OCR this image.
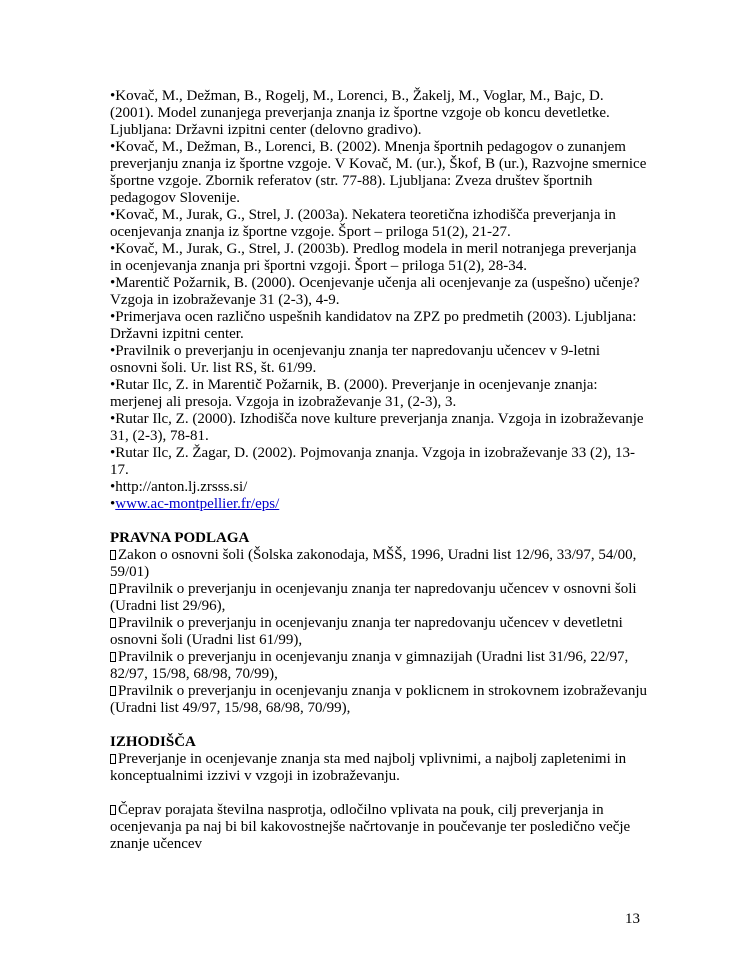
•Kovač, M., Dežman, B., Rogelj, M., Lorenci, B., Žakelj, M., Voglar, M., Bajc, D.
(2001). Model zunanjega preverjanja znanja iz športne vzgoje ob koncu devetletke.
Ljubljana: Državni izpitni center (delovno gradivo).
•Kovač, M., Dežman, B., Lorenci, B. (2002). Mnenja športnih pedagogov o zunanjem
preverjanju znanja iz športne vzgoje. V Kovač, M. (ur.), Škof, B (ur.), Razvojne smernice
športne vzgoje. Zbornik referatov (str. 77-88). Ljubljana: Zveza društev športnih
pedagogov Slovenije.
•Kovač, M., Jurak, G., Strel, J. (2003a). Nekatera teoretična izhodišča preverjanja in
ocenjevanja znanja iz športne vzgoje. Šport – priloga 51(2), 21-27.
•Kovač, M., Jurak, G., Strel, J. (2003b). Predlog modela in meril notranjega preverjanja
in ocenjevanja znanja pri športni vzgoji. Šport – priloga 51(2), 28-34.
•Marentič Požarnik, B. (2000). Ocenjevanje učenja ali ocenjevanje za (uspešno) učenje?
Vzgoja in izobraževanje 31 (2-3), 4-9.
•Primerjava ocen različno uspešnih kandidatov na ZPZ po predmetih (2003). Ljubljana:
Državni izpitni center.
•Pravilnik o preverjanju in ocenjevanju znanja ter napredovanju učencev v 9-letni
osnovni šoli. Ur. list RS, št. 61/99.
•Rutar Ilc, Z. in Marentič Požarnik, B. (2000). Preverjanje in ocenjevanje znanja:
merjenej ali presoja. Vzgoja in izobraževanje 31, (2-3), 3.
•Rutar Ilc, Z. (2000). Izhodišča nove kulture preverjanja znanja. Vzgoja in izobraževanje
31, (2-3), 78-81.
•Rutar Ilc, Z. Žagar, D. (2002). Pojmovanja znanja. Vzgoja in izobraževanje 33 (2), 13-
17.
•http://anton.lj.zrsss.si/
•www.ac-montpellier.fr/eps/
PRAVNA PODLAGA
Zakon o osnovni šoli (Šolska zakonodaja, MŠŠ, 1996, Uradni list 12/96, 33/97, 54/00,
59/01)
Pravilnik o preverjanju in ocenjevanju znanja ter napredovanju učencev v osnovni šoli
(Uradni list 29/96),
Pravilnik o preverjanju in ocenjevanju znanja ter napredovanju učencev v devetletni
osnovni šoli (Uradni list 61/99),
Pravilnik o preverjanju in ocenjevanju znanja v gimnazijah (Uradni list 31/96, 22/97,
82/97, 15/98, 68/98, 70/99),
Pravilnik o preverjanju in ocenjevanju znanja v poklicnem in strokovnem izobraževanju
(Uradni list 49/97, 15/98, 68/98, 70/99),
IZHODIŠČA
Preverjanje in ocenjevanje znanja sta med najbolj vplivnimi, a najbolj zapletenimi in
konceptualnimi izzivi v vzgoji in izobraževanju.
Čeprav porajata številna nasprotja, odločilno vplivata na pouk, cilj preverjanja in
ocenjevanja pa naj bi bil kakovostnejše načrtovanje in poučevanje ter posledično večje
znanje učencev
13
